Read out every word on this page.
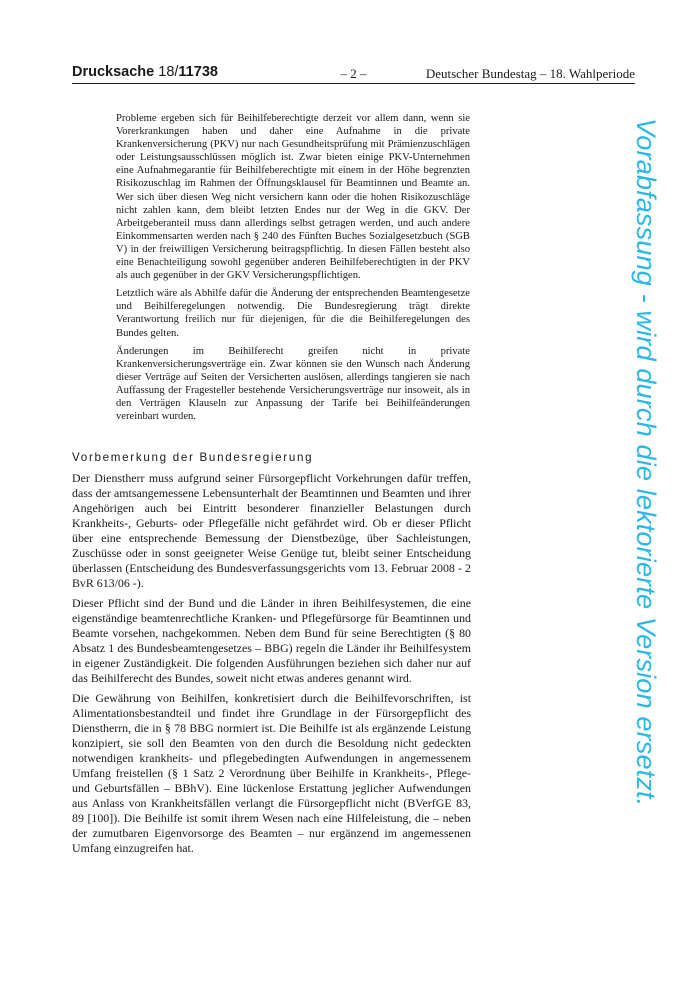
Drucksache 18/11738	– 2 –	Deutscher Bundestag – 18. Wahlperiode

Probleme ergeben sich für Beihilfeberechtigte derzeit vor allem dann, wenn sie Vorerkrankungen haben und daher eine Aufnahme in die private Krankenversicherung (PKV) nur nach Gesundheitsprüfung mit Prämienzuschlägen oder Leistungsausschlüssen möglich ist. Zwar bieten einige PKV-Unternehmen eine Aufnahmegarantie für Beihilfeberechtigte mit einem in der Höhe begrenzten Risikozuschlag im Rahmen der Öffnungsklausel für Beamtinnen und Beamte an. Wer sich über diesen Weg nicht versichern kann oder die hohen Risikozuschläge nicht zahlen kann, dem bleibt letzten Endes nur der Weg in die GKV. Der Arbeitgeberanteil muss dann allerdings selbst getragen werden, und auch andere Einkommensarten werden nach § 240 des Fünften Buches Sozialgesetzbuch (SGB V) in der freiwilligen Versicherung beitragspflichtig. In diesen Fällen besteht also eine Benachteiligung sowohl gegenüber anderen Beihilfeberechtigten in der PKV als auch gegenüber in der GKV Versicherungspflichtigen.

Letztlich wäre als Abhilfe dafür die Änderung der entsprechenden Beamtengesetze und Beihilferegelungen notwendig. Die Bundesregierung trägt direkte Verantwortung freilich nur für diejenigen, für die die Beihilferegelungen des Bundes gelten.

Änderungen im Beihilferecht greifen nicht in private Krankenversicherungsverträge ein. Zwar können sie den Wunsch nach Änderung dieser Verträge auf Seiten der Versicherten auslösen, allerdings tangieren sie nach Auffassung der Fragesteller bestehende Versicherungsverträge nur insoweit, als in den Verträgen Klauseln zur Anpassung der Tarife bei Beihilfeänderungen vereinbart wurden.

Vorbemerkung der Bundesregierung

Der Dienstherr muss aufgrund seiner Fürsorgepflicht Vorkehrungen dafür treffen, dass der amtsangemessene Lebensunterhalt der Beamtinnen und Beamten und ihrer Angehörigen auch bei Eintritt besonderer finanzieller Belastungen durch Krankheits-, Geburts- oder Pflegefälle nicht gefährdet wird. Ob er dieser Pflicht über eine entsprechende Bemessung der Dienstbezüge, über Sachleistungen, Zuschüsse oder in sonst geeigneter Weise Genüge tut, bleibt seiner Entscheidung überlassen (Entscheidung des Bundesverfassungsgerichts vom 13. Februar 2008 - 2 BvR 613/06 -).

Dieser Pflicht sind der Bund und die Länder in ihren Beihilfesystemen, die eine eigenständige beamtenrechtliche Kranken- und Pflegefürsorge für Beamtinnen und Beamte vorsehen, nachgekommen. Neben dem Bund für seine Berechtigten (§ 80 Absatz 1 des Bundesbeamtengesetzes – BBG) regeln die Länder ihr Beihilfesystem in eigener Zuständigkeit. Die folgenden Ausführungen beziehen sich daher nur auf das Beihilferecht des Bundes, soweit nicht etwas anderes genannt wird.

Die Gewährung von Beihilfen, konkretisiert durch die Beihilfevorschriften, ist Alimentationsbestandteil und findet ihre Grundlage in der Fürsorgepflicht des Dienstherrn, die in § 78 BBG normiert ist. Die Beihilfe ist als ergänzende Leistung konzipiert, sie soll den Beamten von den durch die Besoldung nicht gedeckten notwendigen krankheits- und pflegebedingten Aufwendungen in angemessenem Umfang freistellen (§ 1 Satz 2 Verordnung über Beihilfe in Krankheits-, Pflege- und Geburtsfällen – BBhV). Eine lückenlose Erstattung jeglicher Aufwendungen aus Anlass von Krankheitsfällen verlangt die Fürsorgepflicht nicht (BVerfGE 83, 89 [100]). Die Beihilfe ist somit ihrem Wesen nach eine Hilfeleistung, die – neben der zumutbaren Eigenvorsorge des Beamten – nur ergänzend im angemessenen Umfang einzugreifen hat.

Vorabfassung - wird durch die lektorierte Version ersetzt.
